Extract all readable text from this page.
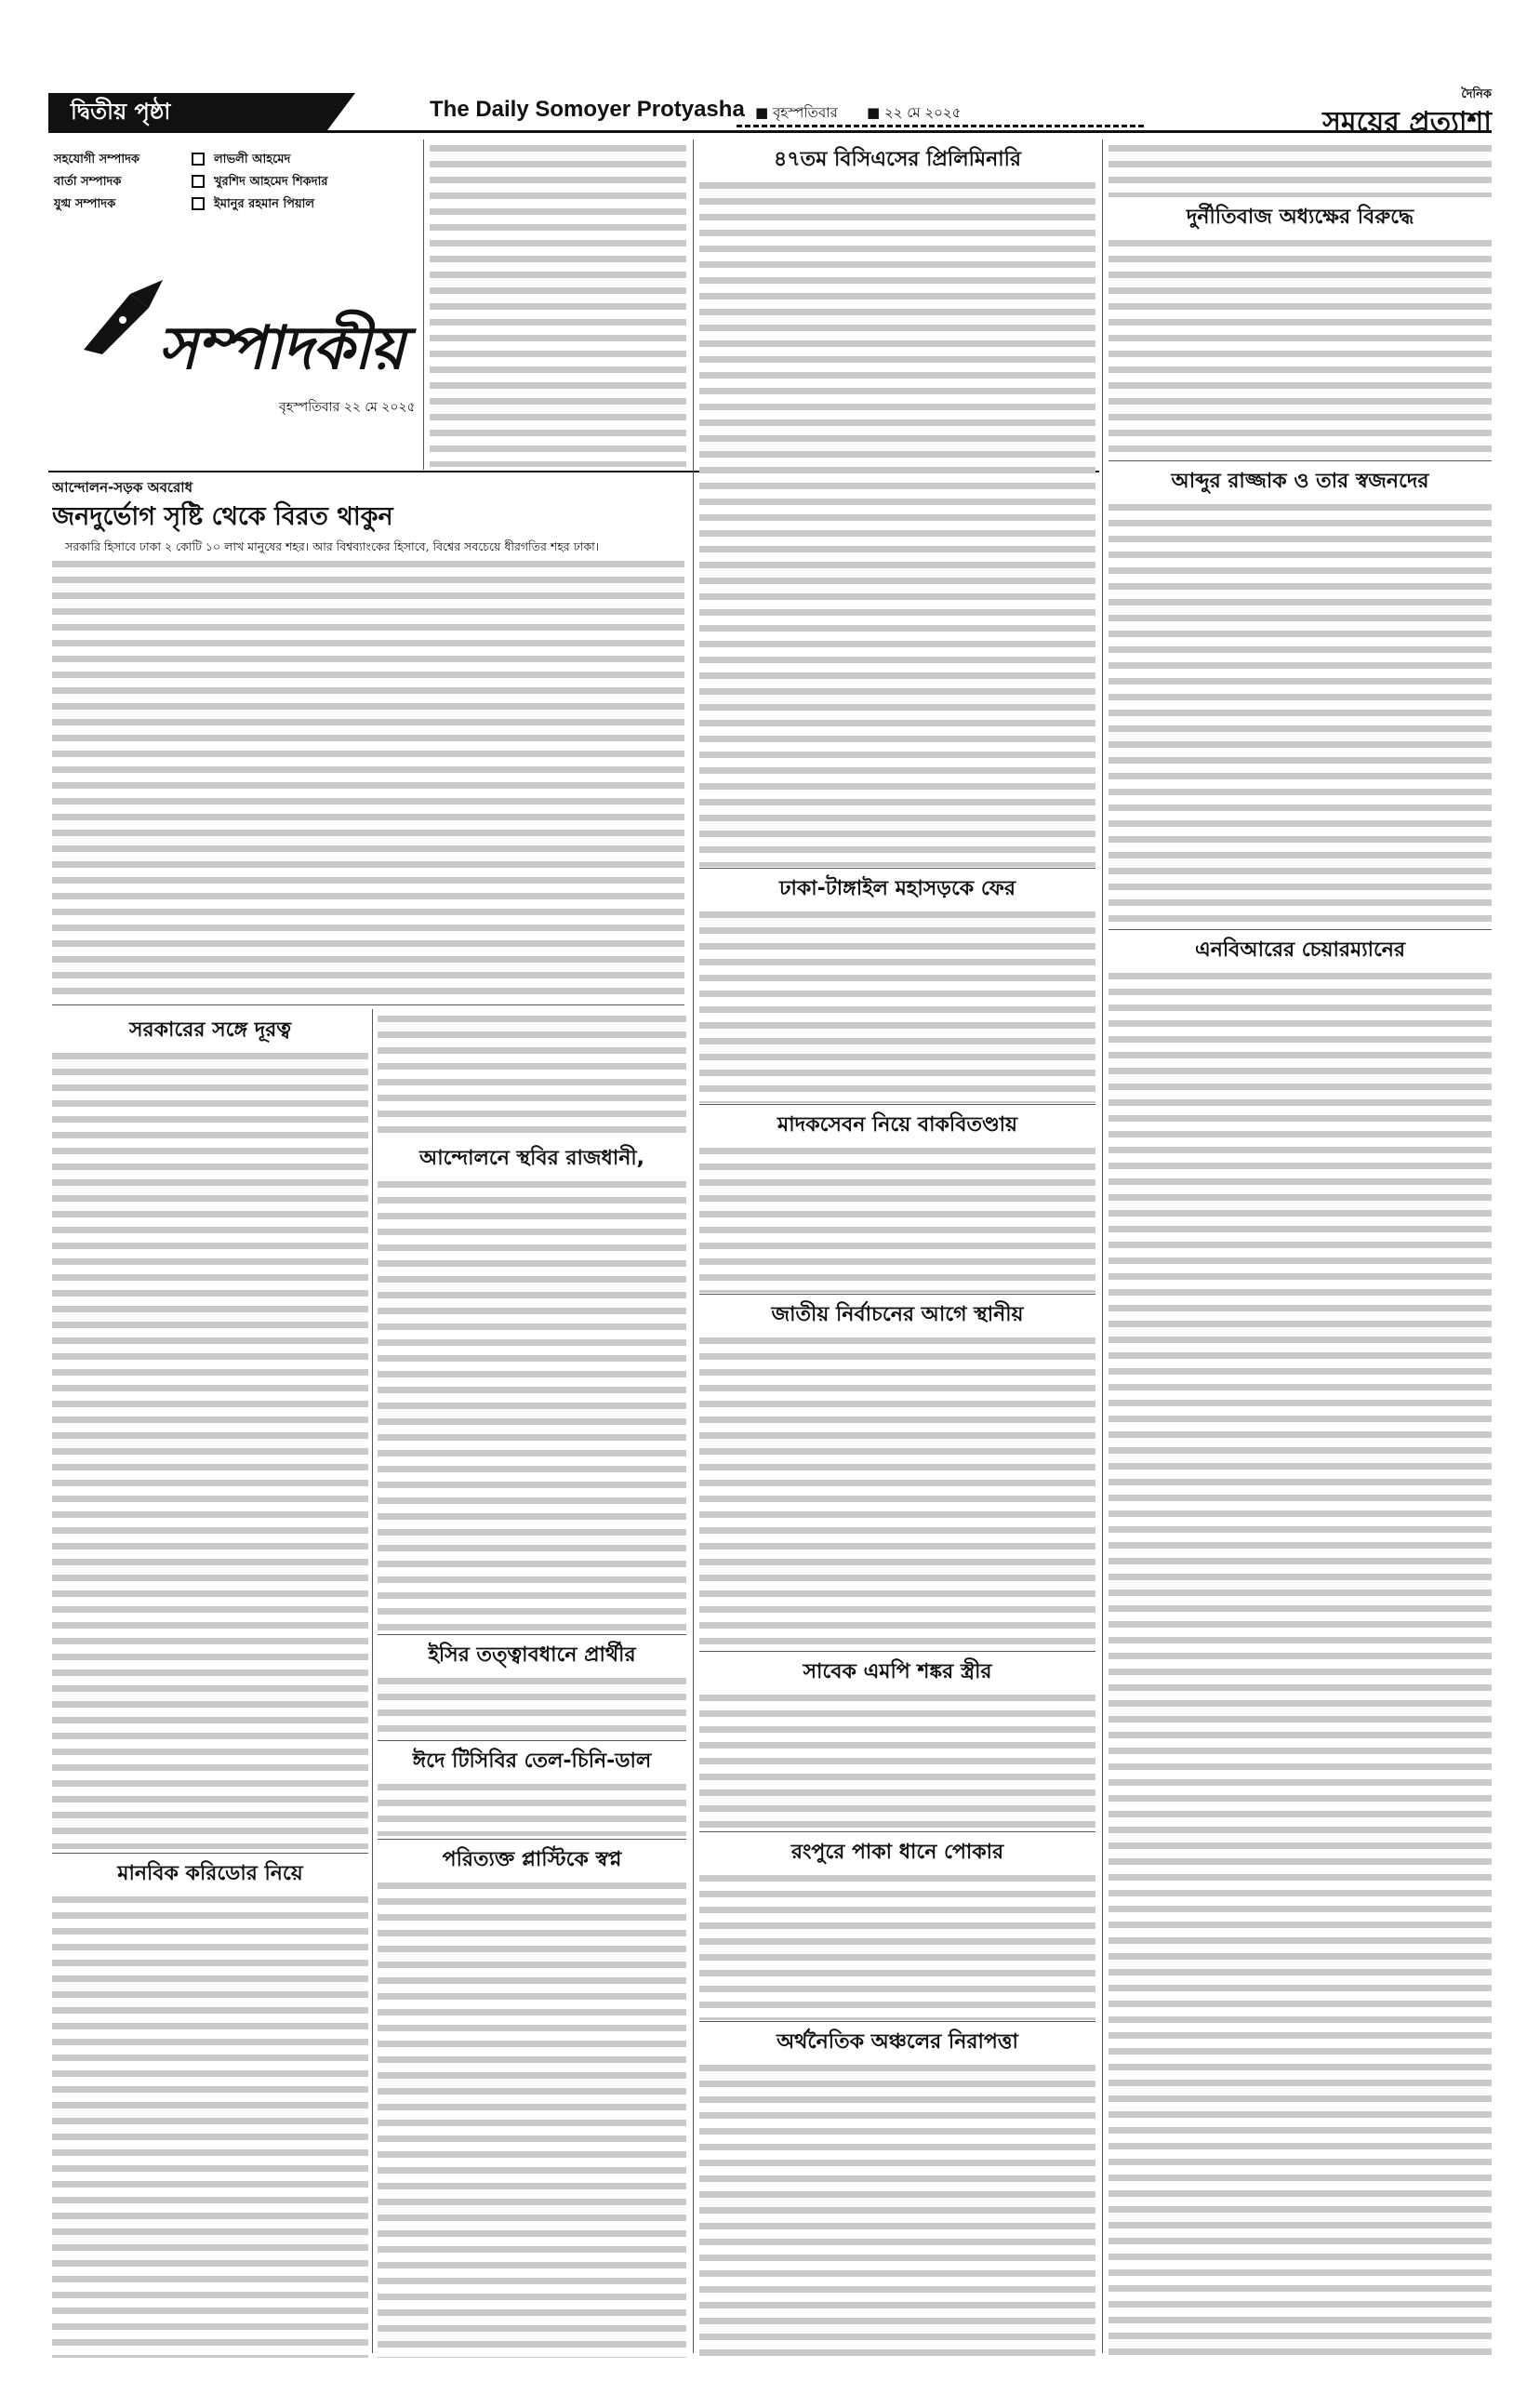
দ্বিতীয় পৃষ্ঠা	The Daily Somoyer Protyasha ■ বৃহস্পতিবার ■ ২২ মে ২০২৫
দৈনিক
সময়ের প্রত্যাশা
সহযোগী সম্পাদক	লাভলী আহমেদ
বার্তা সম্পাদক	খুরশিদ আহমেদ শিকদার
যুগ্ম সম্পাদক	ইমানুর রহমান পিয়াল
সম্পাদকীয়
বৃহস্পতিবার ২২ মে ২০২৫
আন্দোলন-সড়ক অবরোধ
জনদুর্ভোগ সৃষ্টি থেকে বিরত থাকুন

সরকারি হিসাবে ঢাকা ২ কোটি ১০ লাখ মানুষের শহর। আর বিশ্বব্যাংকের হিসাবে, বিশ্বের সবচেয়ে ধীরগতির শহর ঢাকা।

সরকারের সঙ্গে দূরত্ব
মানবিক করিডোর নিয়ে
আন্দোলনে স্থবির রাজধানী,
ইসির তত্ত্বাবধানে প্রার্থীর
ঈদে টিসিবির তেল-চিনি-ডাল
পরিত্যক্ত প্লাস্টিকে স্বপ্ন
৪৭তম বিসিএসের প্রিলিমিনারি
ঢাকা-টাঙ্গাইল মহাসড়কে ফের
মাদকসেবন নিয়ে বাকবিতণ্ডায়
জাতীয় নির্বাচনের আগে স্থানীয়
সাবেক এমপি শঙ্কর স্ত্রীর
রংপুরে পাকা ধানে পোকার
অর্থনৈতিক অঞ্চলের নিরাপত্তা
দুর্নীতিবাজ অধ্যক্ষের বিরুদ্ধে
আব্দুর রাজ্জাক ও তার স্বজনদের
এনবিআরের চেয়ারম্যানের
